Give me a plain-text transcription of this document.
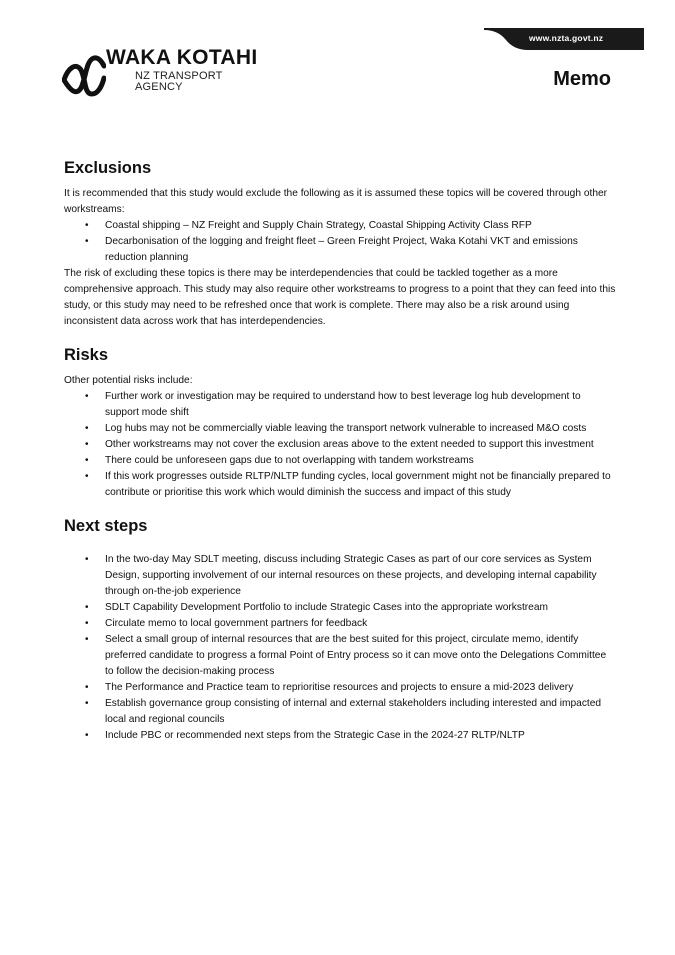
www.nzta.govt.nz
WAKA KOTAHI
NZ TRANSPORT
AGENCY	Memo
Exclusions

It is recommended that this study would exclude the following as it is assumed these topics will be covered through other workstreams:

• Coastal shipping – NZ Freight and Supply Chain Strategy, Coastal Shipping Activity Class RFP
• Decarbonisation of the logging and freight fleet – Green Freight Project, Waka Kotahi VKT and emissions reduction planning

The risk of excluding these topics is there may be interdependencies that could be tackled together as a more comprehensive approach. This study may also require other workstreams to progress to a point that they can feed into this study, or this study may need to be refreshed once that work is complete. There may also be a risk around using inconsistent data across work that has interdependencies.

Risks

Other potential risks include:

• Further work or investigation may be required to understand how to best leverage log hub development to support mode shift
• Log hubs may not be commercially viable leaving the transport network vulnerable to increased M&O costs
• Other workstreams may not cover the exclusion areas above to the extent needed to support this investment
• There could be unforeseen gaps due to not overlapping with tandem workstreams
• If this work progresses outside RLTP/NLTP funding cycles, local government might not be financially prepared to contribute or prioritise this work which would diminish the success and impact of this study
Next steps
• In the two-day May SDLT meeting, discuss including Strategic Cases as part of our core services as System Design, supporting involvement of our internal resources on these projects, and developing internal capability through on-the-job experience
• SDLT Capability Development Portfolio to include Strategic Cases into the appropriate workstream
• Circulate memo to local government partners for feedback
• Select a small group of internal resources that are the best suited for this project, circulate memo, identify preferred candidate to progress a formal Point of Entry process so it can move onto the Delegations Committee to follow the decision-making process
• The Performance and Practice team to reprioritise resources and projects to ensure a mid-2023 delivery
• Establish governance group consisting of internal and external stakeholders including interested and impacted local and regional councils
• Include PBC or recommended next steps from the Strategic Case in the 2024-27 RLTP/NLTP
